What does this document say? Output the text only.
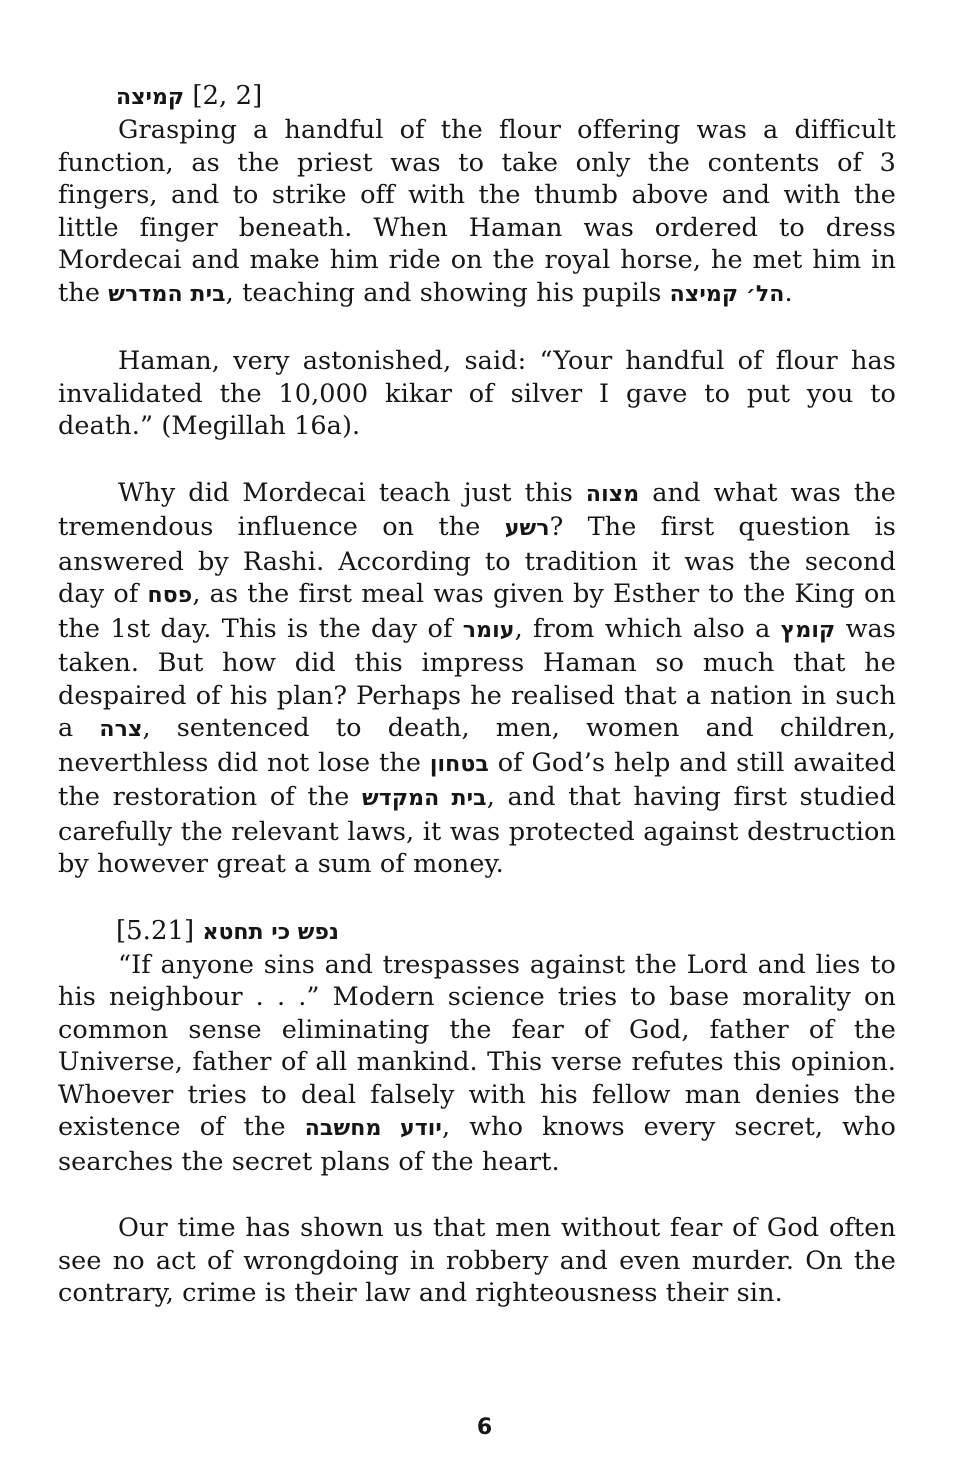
קמיצה [2, 2]

Grasping a handful of the flour offering was a difficult function, as the priest was to take only the contents of 3 fingers, and to strike off with the thumb above and with the little finger beneath. When Haman was ordered to dress Mordecai and make him ride on the royal horse, he met him in the בית המדרש, teaching and showing his pupils הל׳ קמיצה.

Haman, very astonished, said: “Your handful of flour has invalidated the 10,000 kikar of silver I gave to put you to death.” (Megillah 16a).

Why did Mordecai teach just this מצוה and what was the tremendous influence on the רשע? The first question is answered by Rashi. According to tradition it was the second day of פסח, as the first meal was given by Esther to the King on the 1st day. This is the day of עומר, from which also a קומץ was taken. But how did this impress Haman so much that he despaired of his plan? Perhaps he realised that a nation in such a צרה, sentenced to death, men, women and children, neverthless did not lose the בטחון of God’s help and still awaited the restoration of the בית המקדש, and that having first studied carefully the relevant laws, it was protected against destruction by however great a sum of money.

[5.21] נפש כי תחטא

“If anyone sins and trespasses against the Lord and lies to his neighbour . . .” Modern science tries to base morality on common sense eliminating the fear of God, father of the Universe, father of all mankind. This verse refutes this opinion. Whoever tries to deal falsely with his fellow man denies the existence of the יודע מחשבה, who knows every secret, who searches the secret plans of the heart.

Our time has shown us that men without fear of God often see no act of wrongdoing in robbery and even murder. On the contrary, crime is their law and righteousness their sin.

6
